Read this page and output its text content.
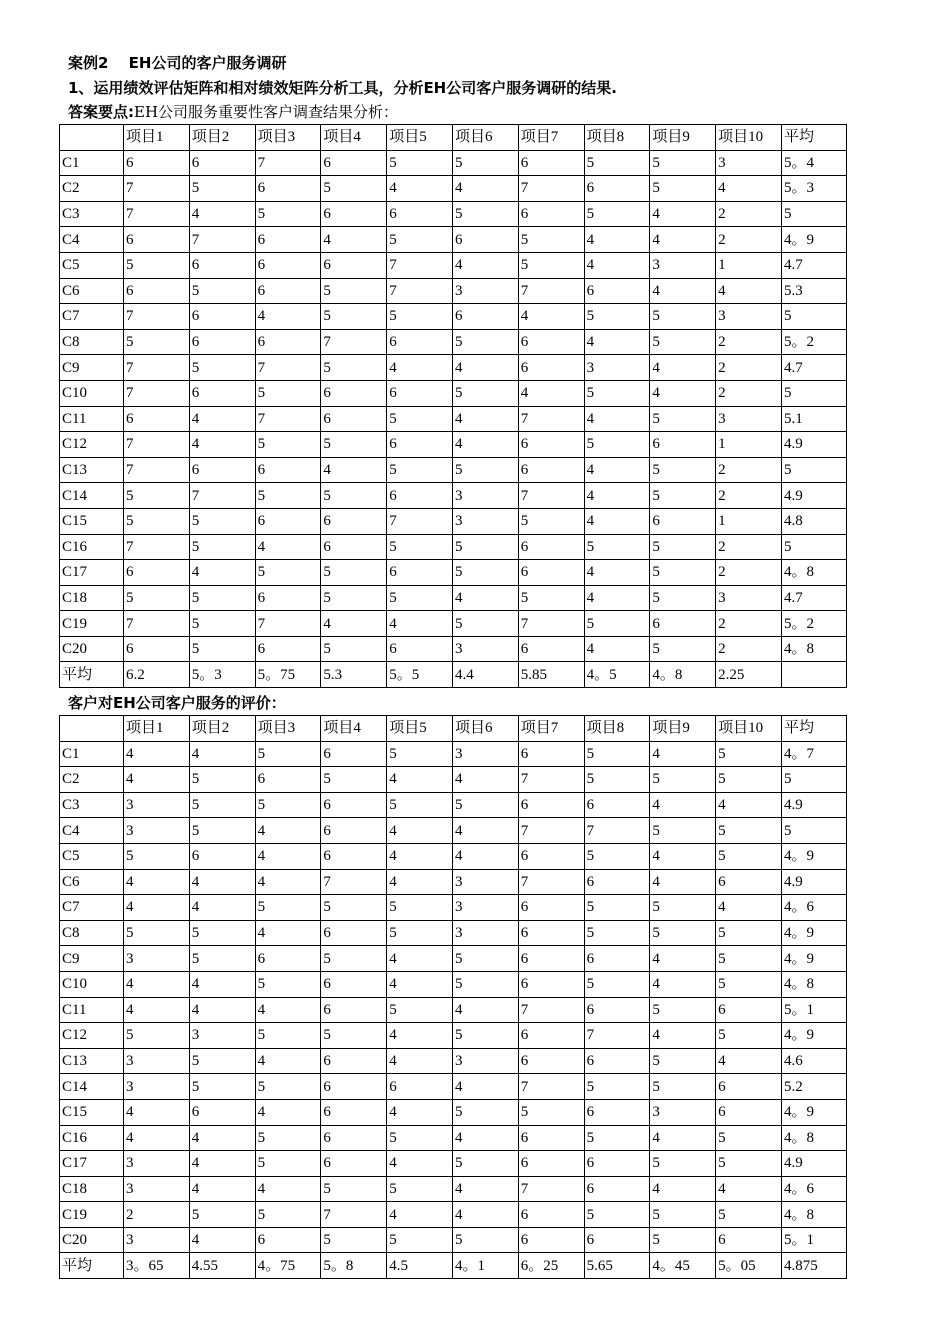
案例2　 EH公司的客户服务调研
1、运用绩效评估矩阵和相对绩效矩阵分析工具，分析EH公司客户服务调研的结果.
答案要点:EH公司服务重要性客户调查结果分析：
	项目1	项目2	项目3	项目4	项目5	项目6	项目7	项目8	项目9	项目10	平均
C1	6	6	7	6	5	5	6	5	5	3	5。4
C2	7	5	6	5	4	4	7	6	5	4	5。3
C3	7	4	5	6	6	5	6	5	4	2	5
C4	6	7	6	4	5	6	5	4	4	2	4。9
C5	5	6	6	6	7	4	5	4	3	1	4.7
C6	6	5	6	5	7	3	7	6	4	4	5.3
C7	7	6	4	5	5	6	4	5	5	3	5
C8	5	6	6	7	6	5	6	4	5	2	5。2
C9	7	5	7	5	4	4	6	3	4	2	4.7
C10	7	6	5	6	6	5	4	5	4	2	5
C11	6	4	7	6	5	4	7	4	5	3	5.1
C12	7	4	5	5	6	4	6	5	6	1	4.9
C13	7	6	6	4	5	5	6	4	5	2	5
C14	5	7	5	5	6	3	7	4	5	2	4.9
C15	5	5	6	6	7	3	5	4	6	1	4.8
C16	7	5	4	6	5	5	6	5	5	2	5
C17	6	4	5	5	6	5	6	4	5	2	4。8
C18	5	5	6	5	5	4	5	4	5	3	4.7
C19	7	5	7	4	4	5	7	5	6	2	5。2
C20	6	5	6	5	6	3	6	4	5	2	4。8
平均	6.2	5。3	5。75	5.3	5。5	4.4	5.85	4。5	4。8	2.25	
客户对EH公司客户服务的评价：
	项目1	项目2	项目3	项目4	项目5	项目6	项目7	项目8	项目9	项目10	平均
C1	4	4	5	6	5	3	6	5	4	5	4。7
C2	4	5	6	5	4	4	7	5	5	5	5
C3	3	5	5	6	5	5	6	6	4	4	4.9
C4	3	5	4	6	4	4	7	7	5	5	5
C5	5	6	4	6	4	4	6	5	4	5	4。9
C6	4	4	4	7	4	3	7	6	4	6	4.9
C7	4	4	5	5	5	3	6	5	5	4	4。6
C8	5	5	4	6	5	3	6	5	5	5	4。9
C9	3	5	6	5	4	5	6	6	4	5	4。9
C10	4	4	5	6	4	5	6	5	4	5	4。8
C11	4	4	4	6	5	4	7	6	5	6	5。1
C12	5	3	5	5	4	5	6	7	4	5	4。9
C13	3	5	4	6	4	3	6	6	5	4	4.6
C14	3	5	5	6	6	4	7	5	5	6	5.2
C15	4	6	4	6	4	5	5	6	3	6	4。9
C16	4	4	5	6	5	4	6	5	4	5	4。8
C17	3	4	5	6	4	5	6	6	5	5	4.9
C18	3	4	4	5	5	4	7	6	4	4	4。6
C19	2	5	5	7	4	4	6	5	5	5	4。8
C20	3	4	6	5	5	5	6	6	5	6	5。1
平均	3。65	4.55	4。75	5。8	4.5	4。1	6。25	5.65	4。45	5。05	4.875
